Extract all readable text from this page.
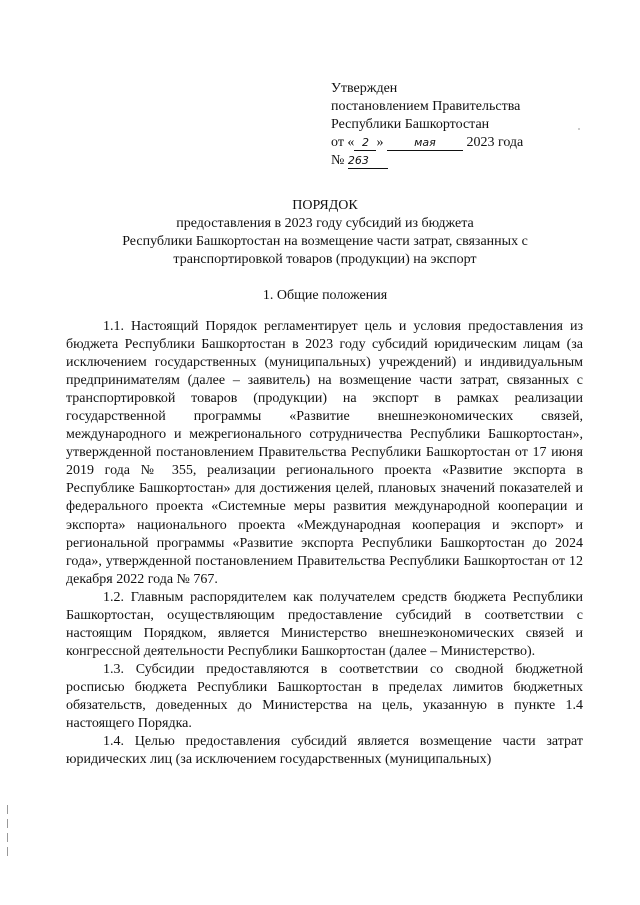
Утвержден
постановлением Правительства
Республики Башкортостан
от « 2 »	мая 2023 года
№ 263
ПОРЯДОК
предоставления в 2023 году субсидий из бюджета
Республики Башкортостан на возмещение части затрат, связанных с
транспортировкой товаров (продукции) на экспорт
1. Общие положения

1.1. Настоящий Порядок регламентирует цель и условия предоставления из бюджета Республики Башкортостан в 2023 году субсидий юридическим лицам (за исключением государственных (муниципальных) учреждений) и индивидуальным предпринимателям (далее – заявитель) на возмещение части затрат, связанных с транспортировкой товаров (продукции) на экспорт в рамках реализации государственной программы «Развитие внешнеэкономических связей, международного и межрегионального сотрудничества Республики Башкортостан», утвержденной постановлением Правительства Республики Башкортостан от 17 июня 2019 года № 355, реализации регионального проекта «Развитие экспорта в Республике Башкортостан» для достижения целей, плановых значений показателей и федерального проекта «Системные меры развития международной кооперации и экспорта» национального проекта «Международная кооперация и экспорт» и региональной программы «Развитие экспорта Республики Башкортостан до 2024 года», утвержденной постановлением Правительства Республики Башкортостан от 12 декабря 2022 года № 767.

1.2. Главным распорядителем как получателем средств бюджета Республики Башкортостан, осуществляющим предоставление субсидий в соответствии с настоящим Порядком, является Министерство внешнеэкономических связей и конгрессной деятельности Республики Башкортостан (далее – Министерство).

1.3. Субсидии предоставляются в соответствии со сводной бюджетной росписью бюджета Республики Башкортостан в пределах лимитов бюджетных обязательств, доведенных до Министерства на цель, указанную в пункте 1.4 настоящего Порядка.

1.4. Целью предоставления субсидий является возмещение части затрат юридических лиц (за исключением государственных (муниципальных)
